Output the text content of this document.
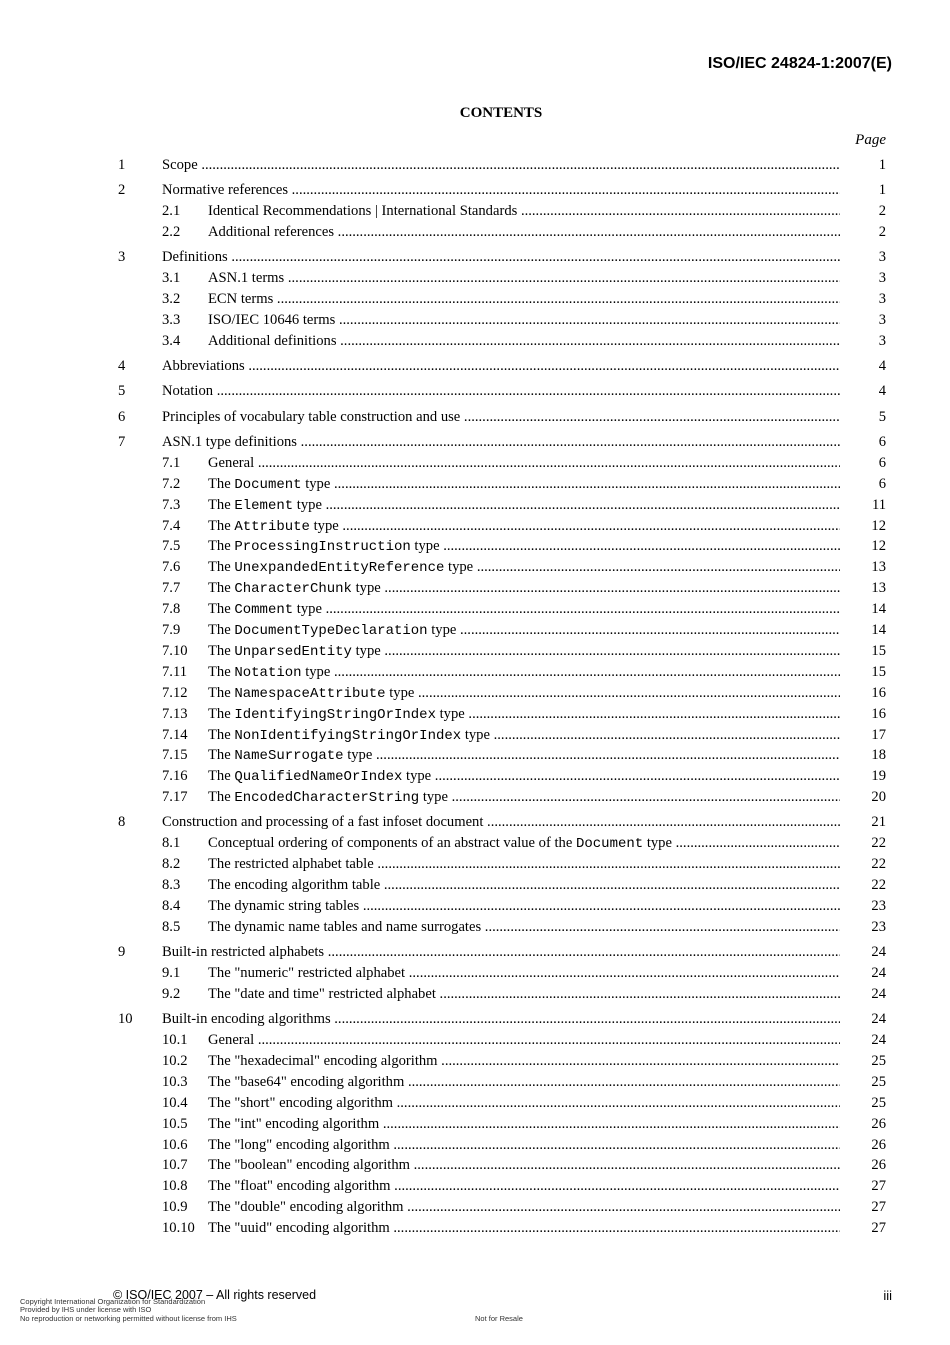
ISO/IEC 24824-1:2007(E)
CONTENTS
Page
1	Scope .....	1
2	Normative references .....	1
2.1 Identical Recommendations | International Standards .....	2
2.2 Additional references .....	2
3	Definitions .....	3
3.1 ASN.1 terms .....	3
3.2 ECN terms .....	3
3.3 ISO/IEC 10646 terms .....	3
3.4 Additional definitions .....	3
4	Abbreviations .....	4
5	Notation .....	4
6	Principles of vocabulary table construction and use .....	5
7	ASN.1 type definitions .....	6
7.1 General .....	6
7.2 The Document type .....	6
7.3 The Element type .....	11
7.4 The Attribute type .....	12
7.5 The ProcessingInstruction type .....	12
7.6 The UnexpandedEntityReference type .....	13
7.7 The CharacterChunk type .....	13
7.8 The Comment type .....	14
7.9 The DocumentTypeDeclaration type .....	14
7.10 The UnparsedEntity type .....	15
7.11 The Notation type .....	15
7.12 The NamespaceAttribute type .....	16
7.13 The IdentifyingStringOrIndex type .....	16
7.14 The NonIdentifyingStringOrIndex type .....	17
7.15 The NameSurrogate type .....	18
7.16 The QualifiedNameOrIndex type .....	19
7.17 The EncodedCharacterString type .....	20
8	Construction and processing of a fast infoset document .....	21
8.1 Conceptual ordering of components of an abstract value of the Document type .....	22
8.2 The restricted alphabet table .....	22
8.3 The encoding algorithm table .....	22
8.4 The dynamic string tables .....	23
8.5 The dynamic name tables and name surrogates .....	23
9	Built-in restricted alphabets .....	24
9.1 The "numeric" restricted alphabet .....	24
9.2 The "date and time" restricted alphabet .....	24
10 Built-in encoding algorithms .....	24
10.1 General .....	24
10.2 The "hexadecimal" encoding algorithm .....	25
10.3 The "base64" encoding algorithm .....	25
10.4 The "short" encoding algorithm .....	25
10.5 The "int" encoding algorithm .....	26
10.6 The "long" encoding algorithm .....	26
10.7 The "boolean" encoding algorithm .....	26
10.8 The "float" encoding algorithm .....	27
10.9 The "double" encoding algorithm .....	27
10.10 The "uuid" encoding algorithm .....	27
© ISO/IEC 2007 – All rights reserved	iii
Copyright International Organization for Standardization
Provided by IHS under license with ISO
No reproduction or networking permitted without license from IHS	Not for Resale
